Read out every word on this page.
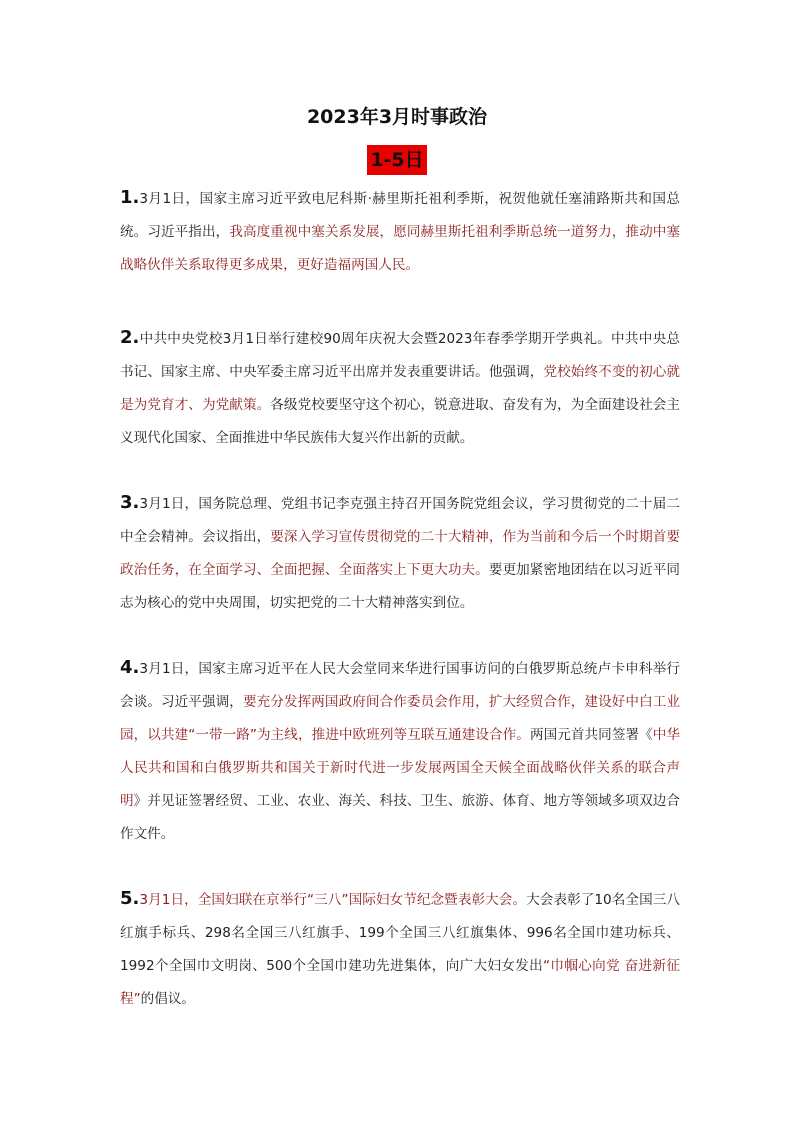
2023年3月时事政治
1-5日

1.3月1日，国家主席习近平致电尼科斯·赫里斯托祖利季斯，祝贺他就任塞浦路斯共和国总统。习近平指出，我高度重视中塞关系发展，愿同赫里斯托祖利季斯总统一道努力，推动中塞战略伙伴关系取得更多成果，更好造福两国人民。

2.中共中央党校3月1日举行建校90周年庆祝大会暨2023年春季学期开学典礼。中共中央总书记、国家主席、中央军委主席习近平出席并发表重要讲话。他强调，党校始终不变的初心就是为党育才、为党献策。各级党校要坚守这个初心，锐意进取、奋发有为，为全面建设社会主义现代化国家、全面推进中华民族伟大复兴作出新的贡献。

3.3月1日，国务院总理、党组书记李克强主持召开国务院党组会议，学习贯彻党的二十届二中全会精神。会议指出，要深入学习宣传贯彻党的二十大精神，作为当前和今后一个时期首要政治任务，在全面学习、全面把握、全面落实上下更大功夫。要更加紧密地团结在以习近平同志为核心的党中央周围，切实把党的二十大精神落实到位。

4.3月1日，国家主席习近平在人民大会堂同来华进行国事访问的白俄罗斯总统卢卡申科举行会谈。习近平强调，要充分发挥两国政府间合作委员会作用，扩大经贸合作，建设好中白工业园，以共建“一带一路”为主线，推进中欧班列等互联互通建设合作。两国元首共同签署《中华人民共和国和白俄罗斯共和国关于新时代进一步发展两国全天候全面战略伙伴关系的联合声明》并见证签署经贸、工业、农业、海关、科技、卫生、旅游、体育、地方等领域多项双边合作文件。

5.3月1日，全国妇联在京举行“三八”国际妇女节纪念暨表彰大会。大会表彰了10名全国三八红旗手标兵、298名全国三八红旗手、199个全国三八红旗集体、996名全国巾建功标兵、1992个全国巾文明岗、500个全国巾建功先进集体，向广大妇女发出“巾帼心向党 奋进新征程”的倡议。
